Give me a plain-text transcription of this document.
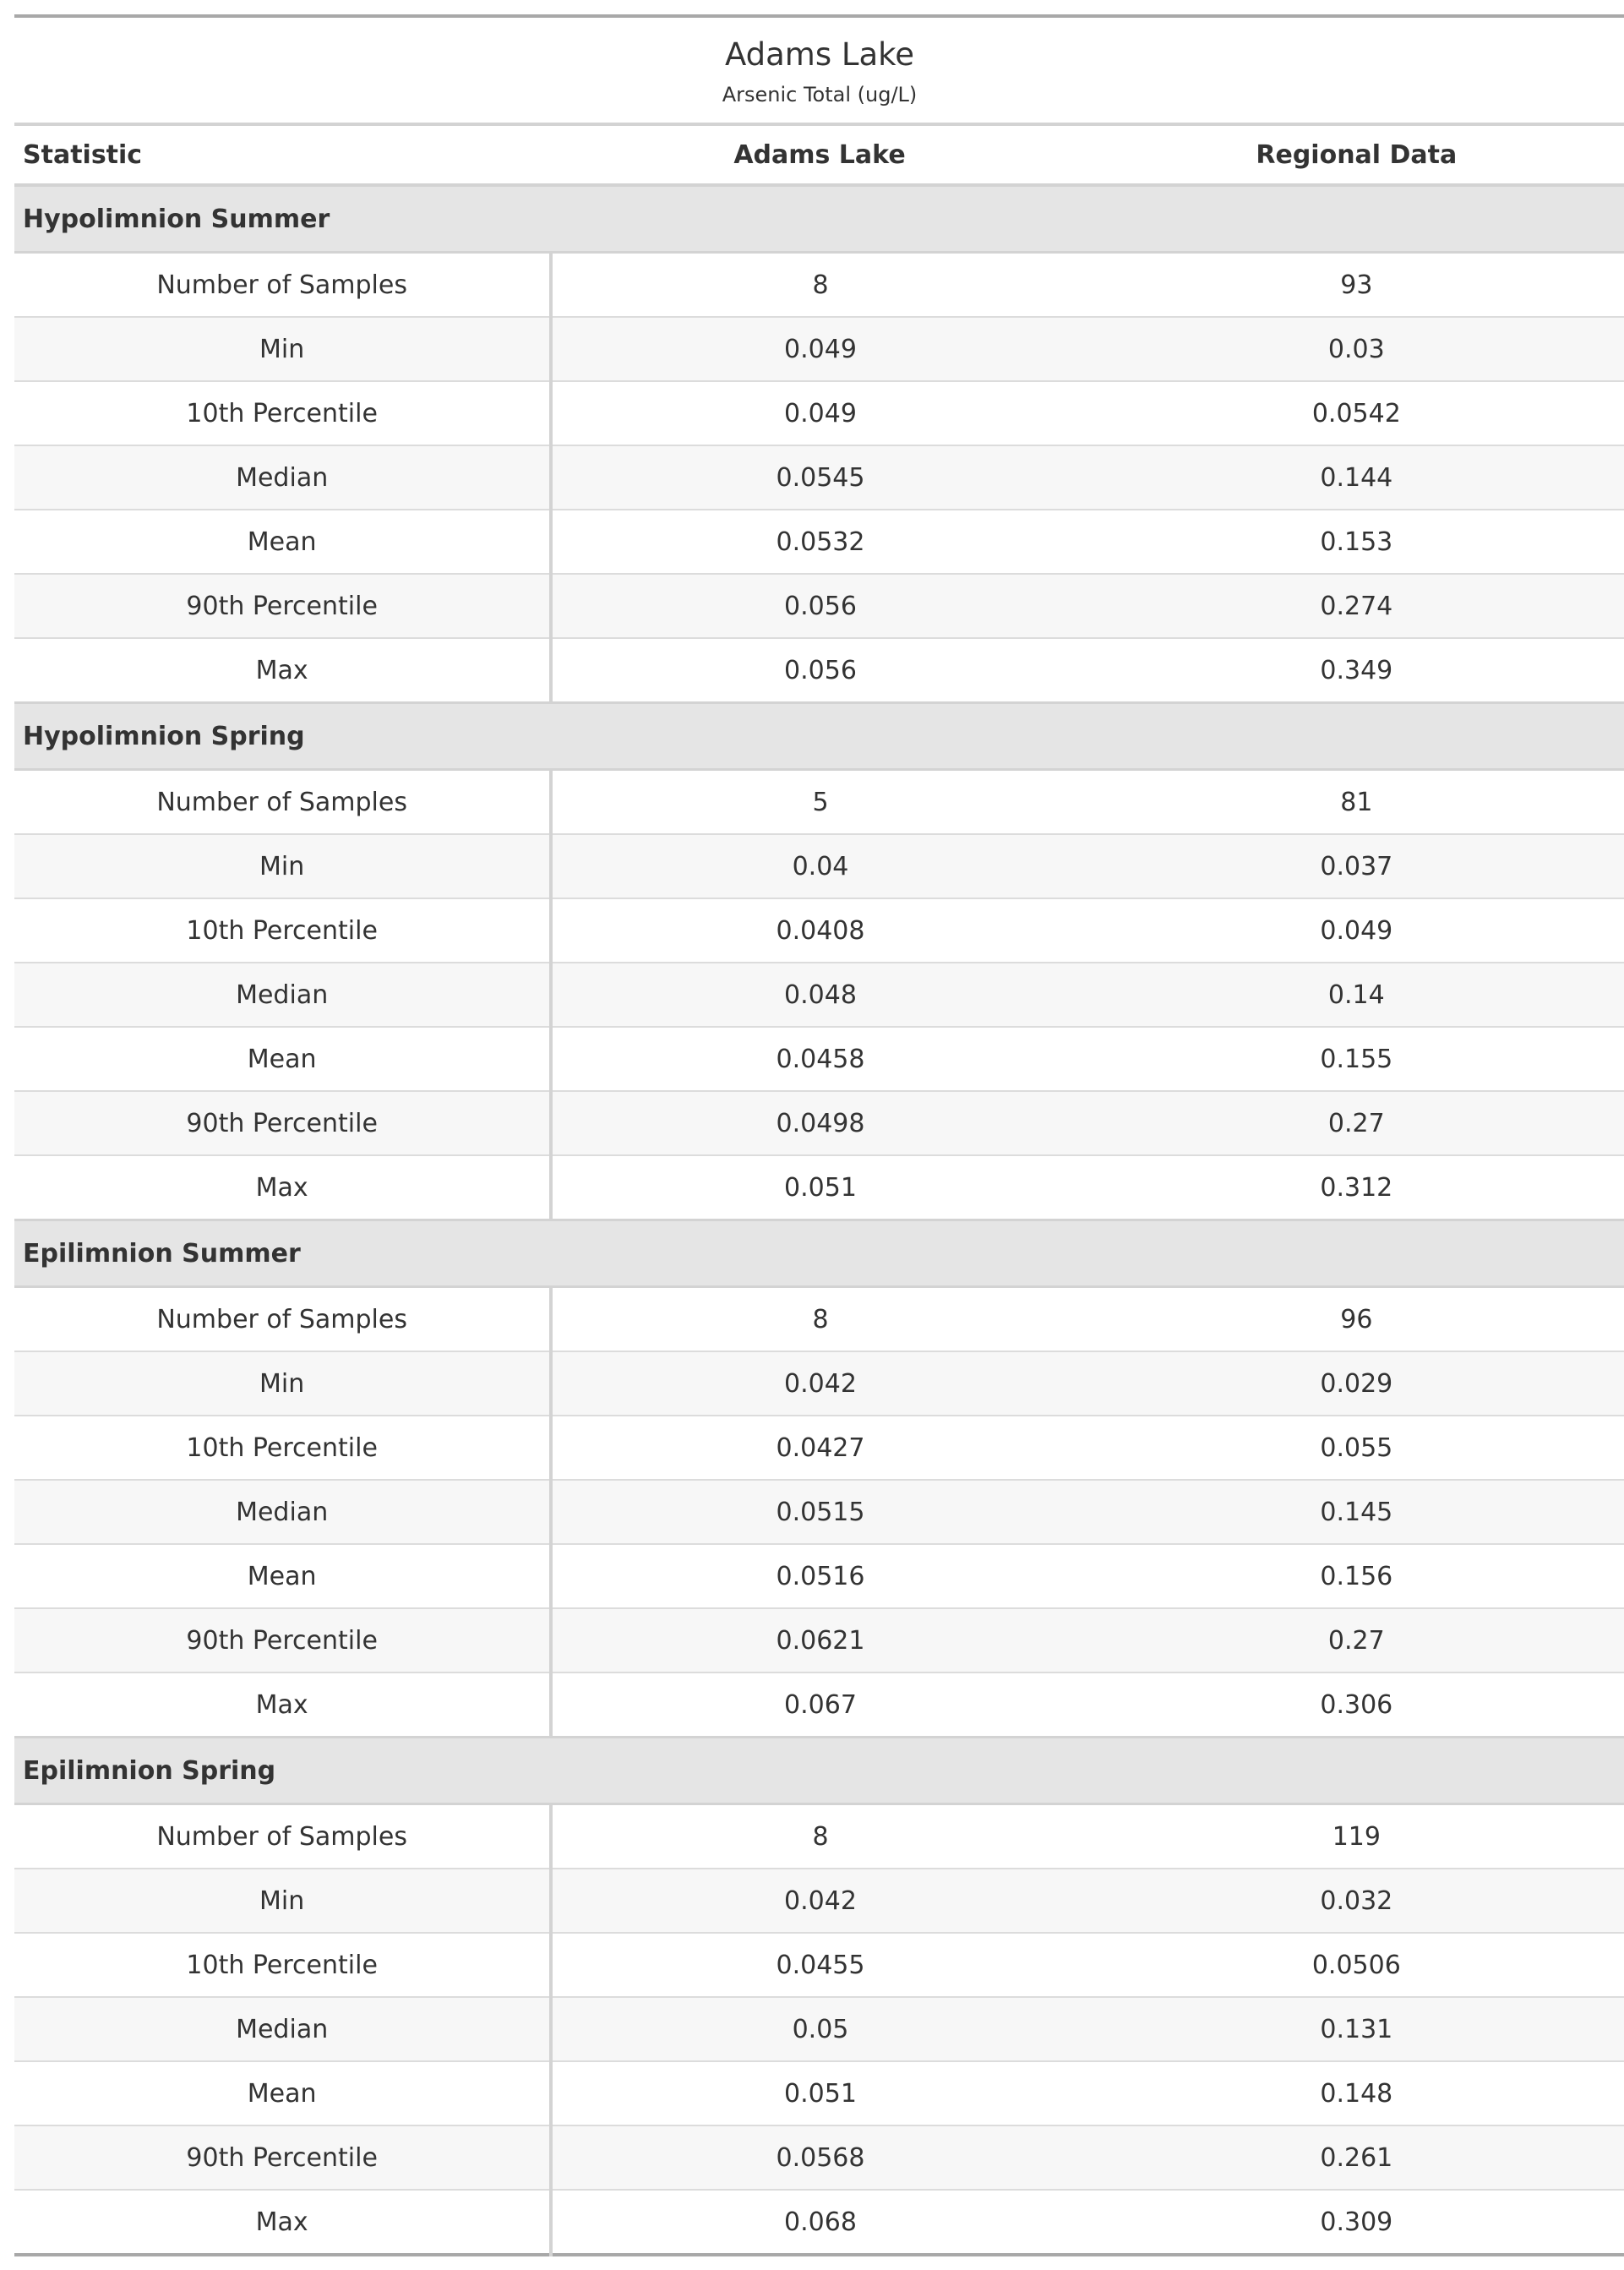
Adams Lake
Arsenic Total (ug/L)		

Statistic	Adams Lake	Regional Data
Hypolimnion Summer		
Number of Samples	8	93
Min	0.049	0.03
10th Percentile	0.049	0.0542
Median	0.0545	0.144
Mean	0.0532	0.153
90th Percentile	0.056	0.274
Max	0.056	0.349
Hypolimnion Spring		
Number of Samples	5	81
Min	0.04	0.037
10th Percentile	0.0408	0.049
Median	0.048	0.14
Mean	0.0458	0.155
90th Percentile	0.0498	0.27
Max	0.051	0.312
Epilimnion Summer		
Number of Samples	8	96
Min	0.042	0.029
10th Percentile	0.0427	0.055
Median	0.0515	0.145
Mean	0.0516	0.156
90th Percentile	0.0621	0.27
Max	0.067	0.306
Epilimnion Spring		
Number of Samples	8	119
Min	0.042	0.032
10th Percentile	0.0455	0.0506
Median	0.05	0.131
Mean	0.051	0.148
90th Percentile	0.0568	0.261
Max	0.068	0.309
